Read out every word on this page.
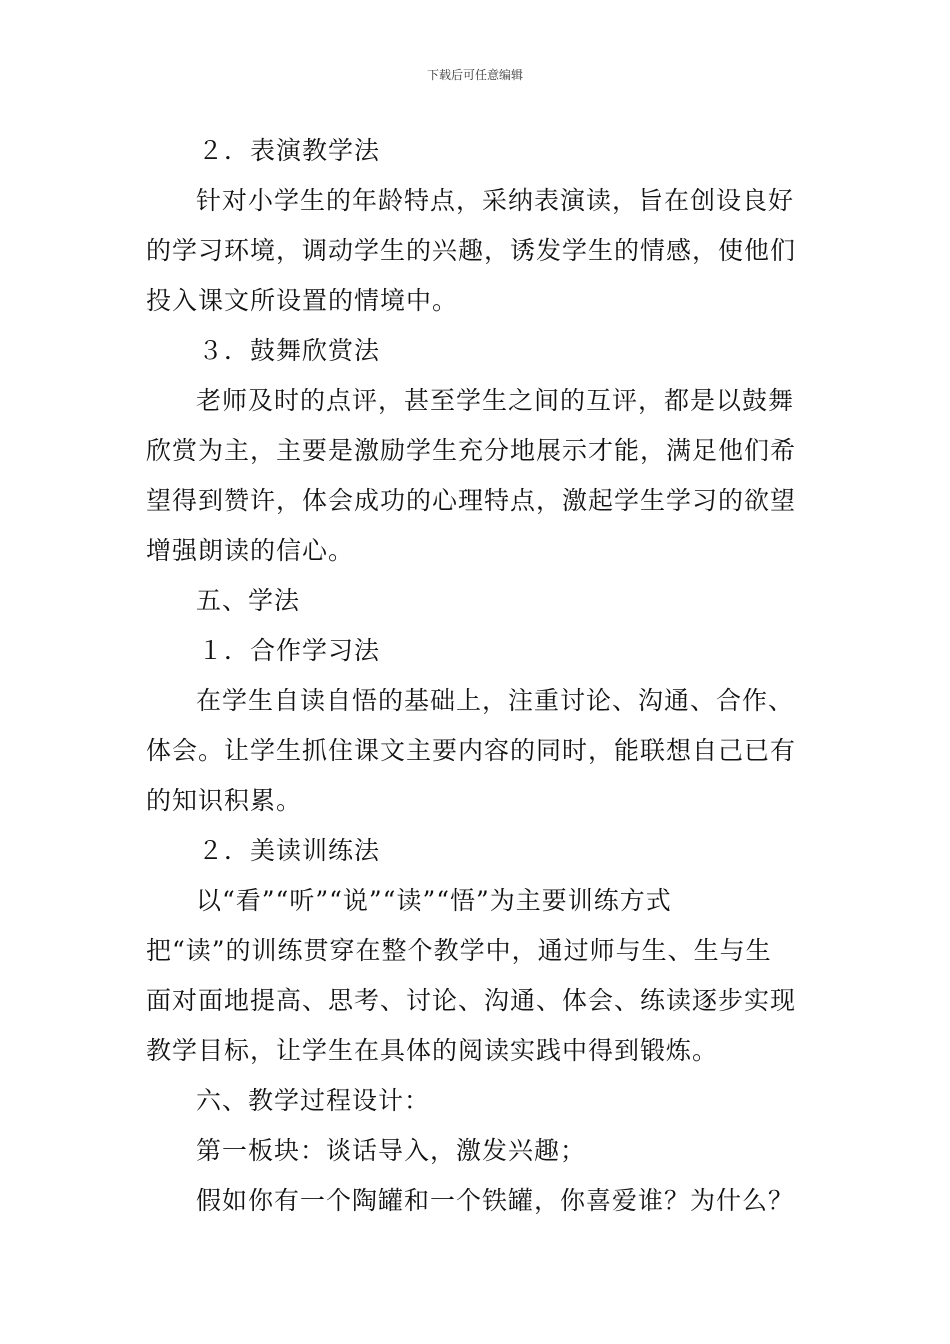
下载后可任意编辑
２．表演教学法
针对小学生的年龄特点，采纳表演读，旨在创设良好
的学习环境，调动学生的兴趣，诱发学生的情感，使他们
投入课文所设置的情境中。
３．鼓舞欣赏法
老师及时的点评，甚至学生之间的互评，都是以鼓舞
欣赏为主，主要是激励学生充分地展示才能，满足他们希
望得到赞许，体会成功的心理特点，激起学生学习的欲望
增强朗读的信心。
五、学法
１．合作学习法
在学生自读自悟的基础上，注重讨论、沟通、合作、
体会。让学生抓住课文主要内容的同时，能联想自己已有
的知识积累。
２．美读训练法
以“看”“听”“说”“读”“悟”为主要训练方式
把“读”的训练贯穿在整个教学中，通过师与生、生与生
面对面地提高、思考、讨论、沟通、体会、练读逐步实现
教学目标，让学生在具体的阅读实践中得到锻炼。
六、教学过程设计：
第一板块：谈话导入，激发兴趣；
假如你有一个陶罐和一个铁罐，你喜爱谁？为什么？
